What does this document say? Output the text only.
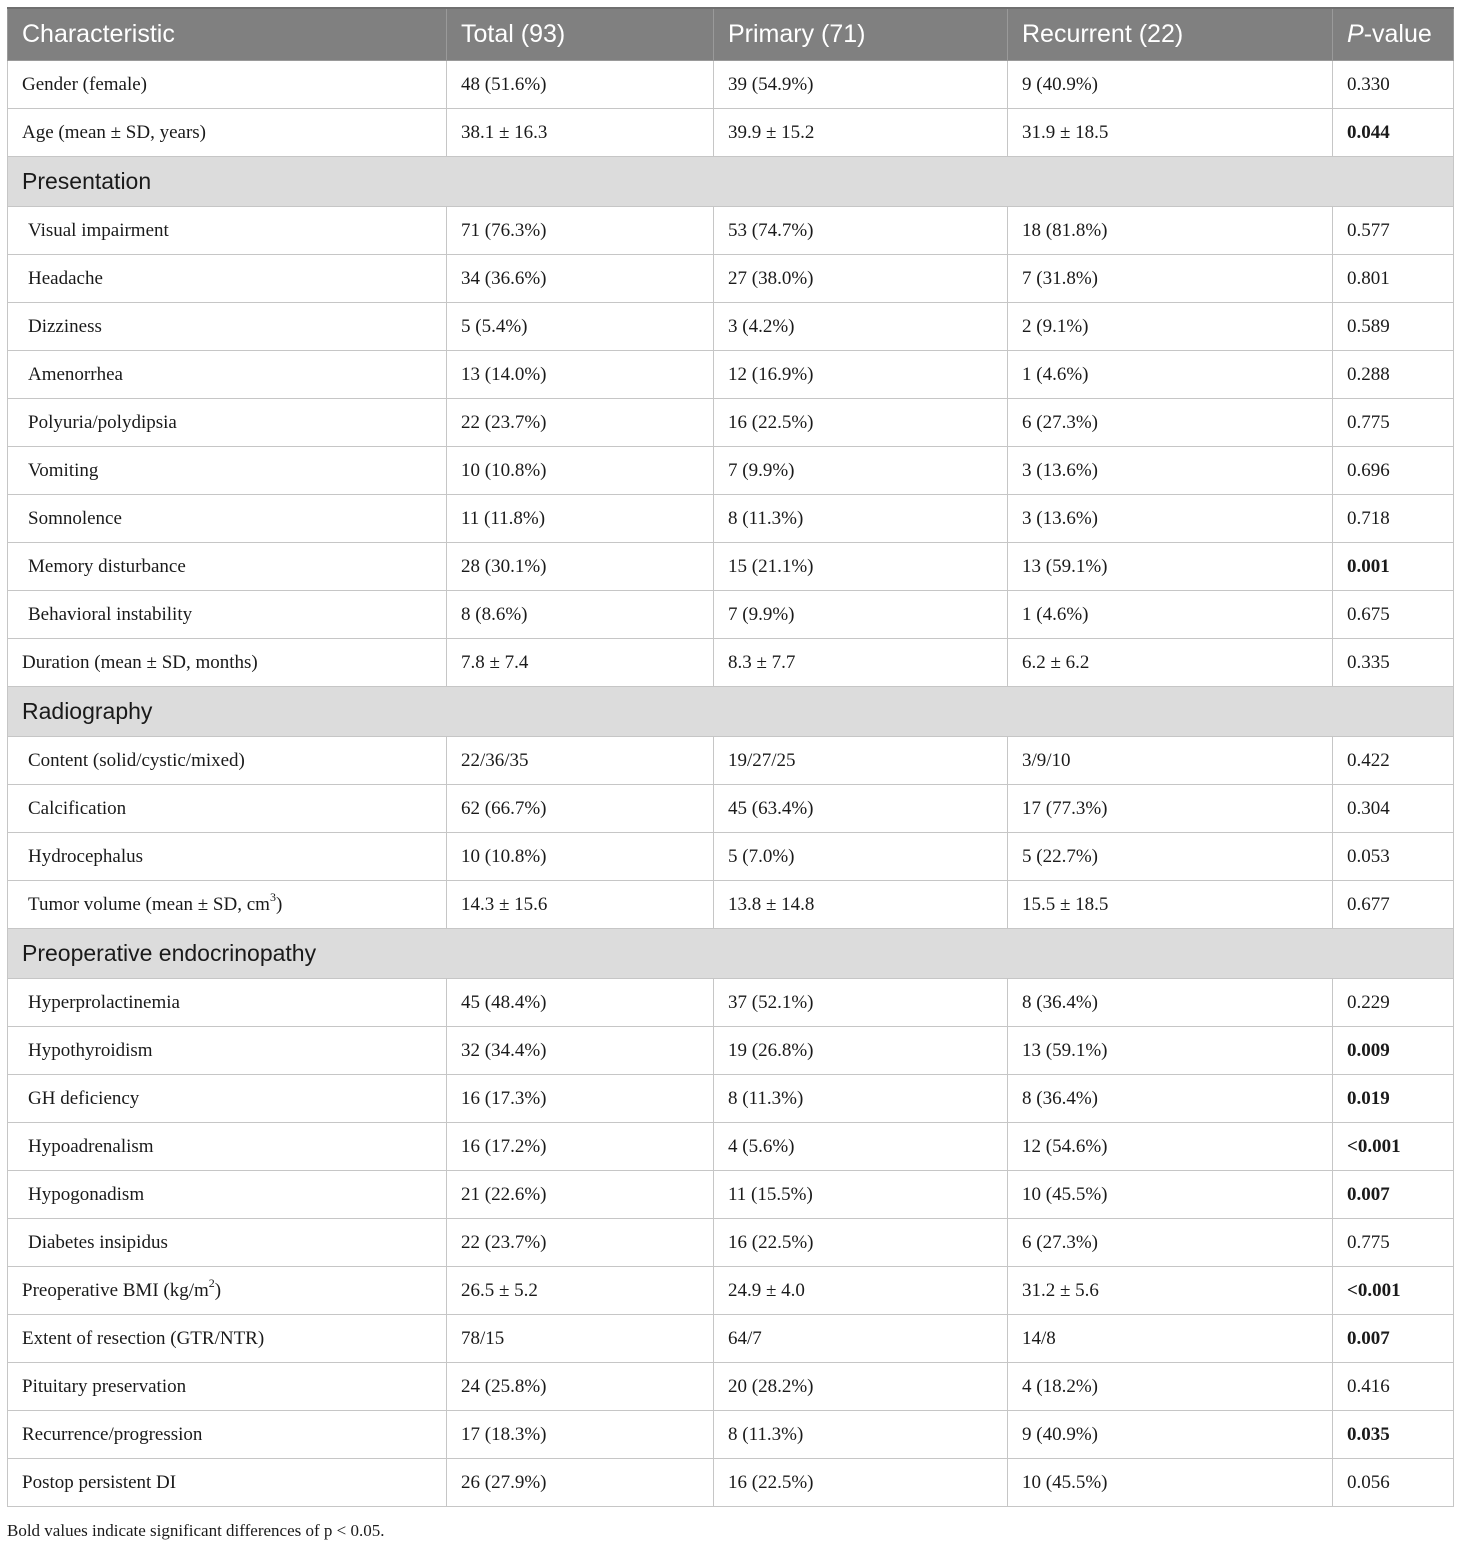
Characteristic	Total (93)	Primary (71)	Recurrent (22)	P-value
Gender (female)	48 (51.6%)	39 (54.9%)	9 (40.9%)	0.330
Age (mean ± SD, years)	38.1 ± 16.3	39.9 ± 15.2	31.9 ± 18.5	0.044
Presentation				
Visual impairment	71 (76.3%)	53 (74.7%)	18 (81.8%)	0.577
Headache	34 (36.6%)	27 (38.0%)	7 (31.8%)	0.801
Dizziness	5 (5.4%)	3 (4.2%)	2 (9.1%)	0.589
Amenorrhea	13 (14.0%)	12 (16.9%)	1 (4.6%)	0.288
Polyuria/polydipsia	22 (23.7%)	16 (22.5%)	6 (27.3%)	0.775
Vomiting	10 (10.8%)	7 (9.9%)	3 (13.6%)	0.696
Somnolence	11 (11.8%)	8 (11.3%)	3 (13.6%)	0.718
Memory disturbance	28 (30.1%)	15 (21.1%)	13 (59.1%)	0.001
Behavioral instability	8 (8.6%)	7 (9.9%)	1 (4.6%)	0.675
Duration (mean ± SD, months)	7.8 ± 7.4	8.3 ± 7.7	6.2 ± 6.2	0.335
Radiography				
Content (solid/cystic/mixed)	22/36/35	19/27/25	3/9/10	0.422
Calcification	62 (66.7%)	45 (63.4%)	17 (77.3%)	0.304
Hydrocephalus	10 (10.8%)	5 (7.0%)	5 (22.7%)	0.053
Tumor volume (mean ± SD, $cm^3$)	14.3 ± 15.6	13.8 ± 14.8	15.5 ± 18.5	0.677
Preoperative endocrinopathy				
Hyperprolactinemia	45 (48.4%)	37 (52.1%)	8 (36.4%)	0.229
Hypothyroidism	32 (34.4%)	19 (26.8%)	13 (59.1%)	0.009
GH deficiency	16 (17.3%)	8 (11.3%)	8 (36.4%)	0.019
Hypoadrenalism	16 (17.2%)	4 (5.6%)	12 (54.6%)	<0.001
Hypogonadism	21 (22.6%)	11 (15.5%)	10 (45.5%)	0.007
Diabetes insipidus	22 (23.7%)	16 (22.5%)	6 (27.3%)	0.775
Preoperative BMI $(kg/m^2)$	26.5 ± 5.2	24.9 ± 4.0	31.2 ± 5.6	<0.001
Extent of resection (GTR/NTR)	78/15	64/7	14/8	0.007
Pituitary preservation	24 (25.8%)	20 (28.2%)	4 (18.2%)	0.416
Recurrence/progression	17 (18.3%)	8 (11.3%)	9 (40.9%)	0.035
Postop persistent DI	26 (27.9%)	16 (22.5%)	10 (45.5%)	0.056
Bold values indicate significant differences of p < 0.05.
